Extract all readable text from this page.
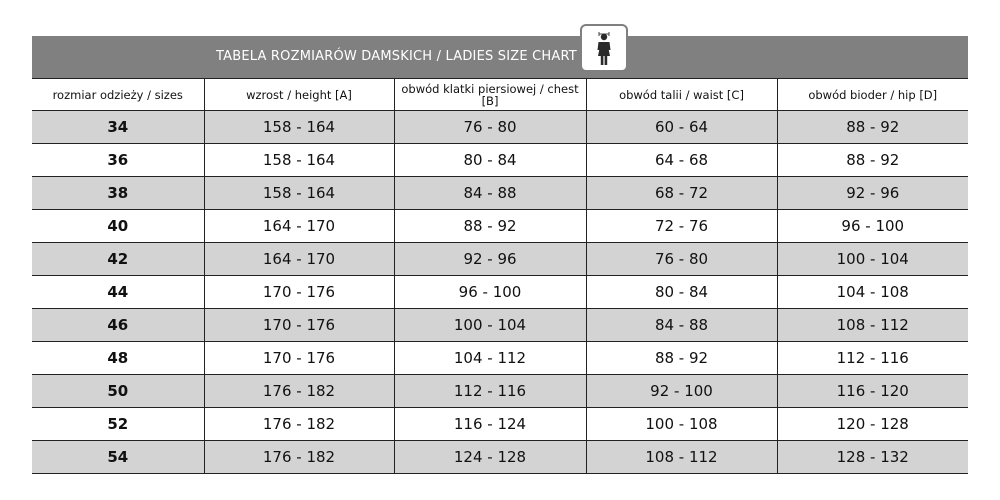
TABELA ROZMIARÓW DAMSKICH / LADIES SIZE CHART
rozmiar odzieży / sizes	wzrost / height [A]	obwód klatki piersiowej / chest [B]	obwód talii / waist [C]	obwód bioder / hip [D]
34	158 - 164	76 - 80	60 - 64	88 - 92
36	158 - 164	80 - 84	64 - 68	88 - 92
38	158 - 164	84 - 88	68 - 72	92 - 96
40	164 - 170	88 - 92	72 - 76	96 - 100
42	164 - 170	92 - 96	76 - 80	100 - 104
44	170 - 176	96 - 100	80 - 84	104 - 108
46	170 - 176	100 - 104	84 - 88	108 - 112
48	170 - 176	104 - 112	88 - 92	112 - 116
50	176 - 182	112 - 116	92 - 100	116 - 120
52	176 - 182	116 - 124	100 - 108	120 - 128
54	176 - 182	124 - 128	108 - 112	128 - 132
